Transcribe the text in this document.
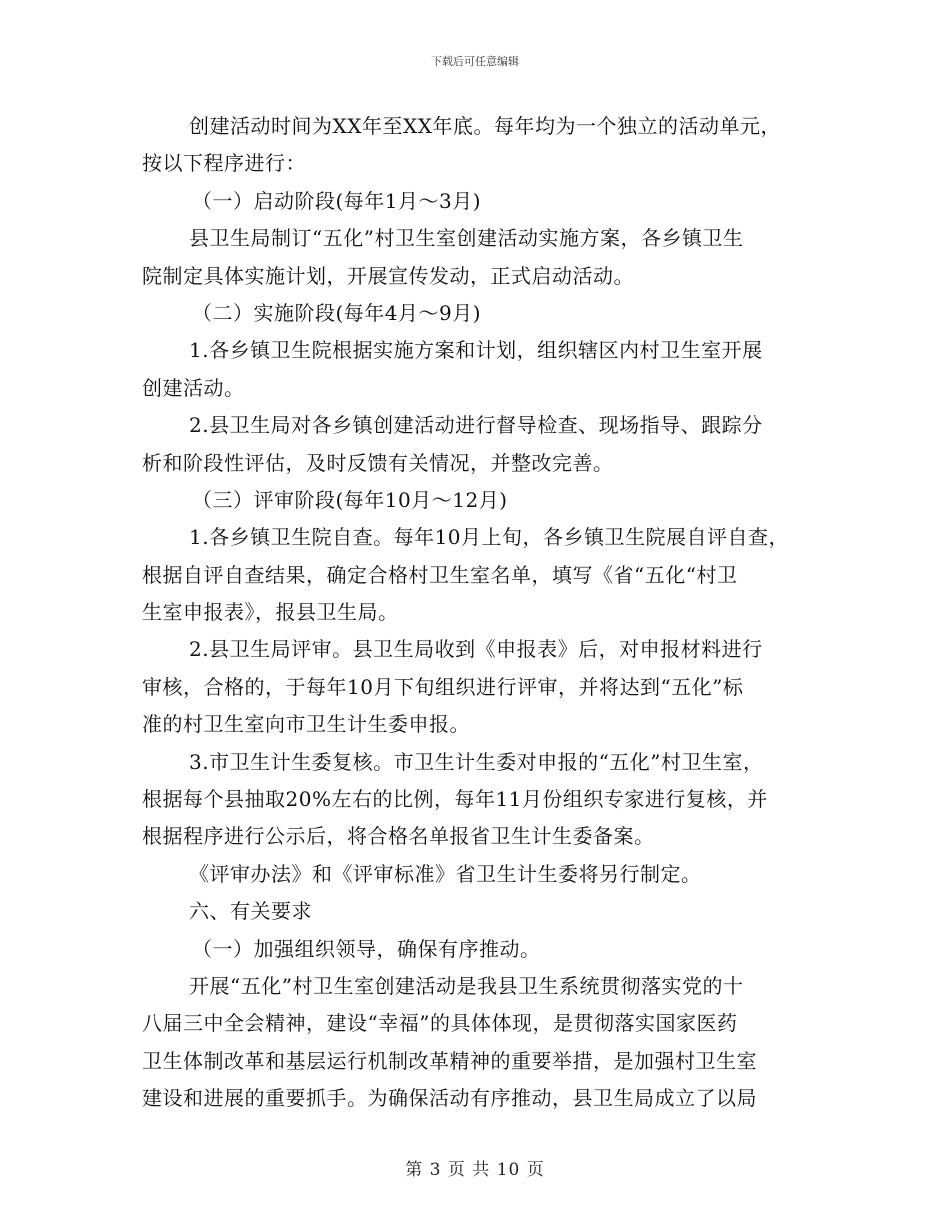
下载后可任意编辑
创建活动时间为XX年至XX年底。每年均为一个独立的活动单元，
按以下程序进行：
（一）启动阶段(每年1月～3月)
县卫生局制订“五化”村卫生室创建活动实施方案，各乡镇卫生
院制定具体实施计划，开展宣传发动，正式启动活动。
（二）实施阶段(每年4月～9月)
1.各乡镇卫生院根据实施方案和计划，组织辖区内村卫生室开展
创建活动。
2.县卫生局对各乡镇创建活动进行督导检查、现场指导、跟踪分
析和阶段性评估，及时反馈有关情况，并整改完善。
（三）评审阶段(每年10月～12月)
1.各乡镇卫生院自查。每年10月上旬，各乡镇卫生院展自评自查，
根据自评自查结果，确定合格村卫生室名单，填写《省“五化“村卫
生室申报表》，报县卫生局。
2.县卫生局评审。县卫生局收到《申报表》后，对申报材料进行
审核，合格的，于每年10月下旬组织进行评审，并将达到“五化”标
准的村卫生室向市卫生计生委申报。
3.市卫生计生委复核。市卫生计生委对申报的“五化”村卫生室，
根据每个县抽取20%左右的比例，每年11月份组织专家进行复核，并
根据程序进行公示后，将合格名单报省卫生计生委备案。
《评审办法》和《评审标准》省卫生计生委将另行制定。
六、有关要求
（一）加强组织领导，确保有序推动。
开展“五化”村卫生室创建活动是我县卫生系统贯彻落实党的十
八届三中全会精神，建设“幸福”的具体体现，是贯彻落实国家医药
卫生体制改革和基层运行机制改革精神的重要举措，是加强村卫生室
建设和进展的重要抓手。为确保活动有序推动，县卫生局成立了以局
第 3 页 共 10 页
